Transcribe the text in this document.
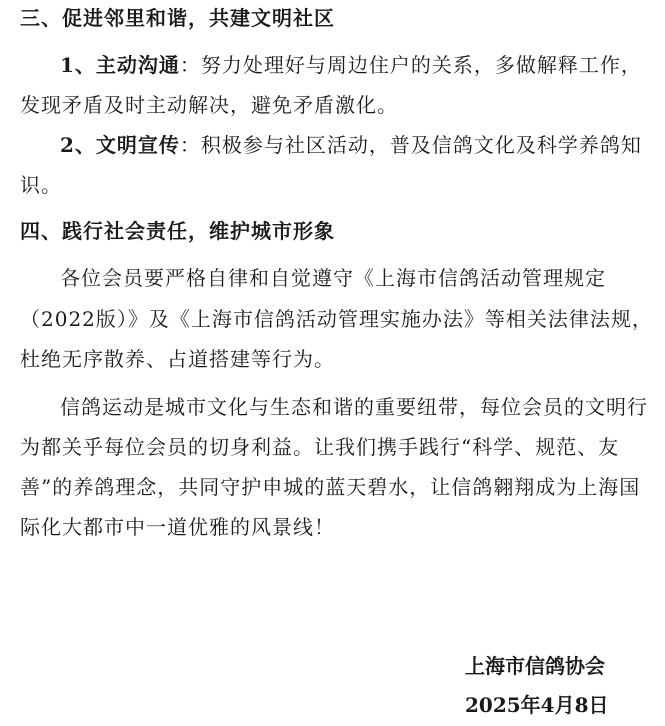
三、促进邻里和谐，共建文明社区
1、主动沟通：努力处理好与周边住户的关系，多做解释工作，
发现矛盾及时主动解决，避免矛盾激化。
2、文明宣传：积极参与社区活动，普及信鸽文化及科学养鸽知
识。
四、践行社会责任，维护城市形象
各位会员要严格自律和自觉遵守《上海市信鸽活动管理规定
（2022版）》及《上海市信鸽活动管理实施办法》等相关法律法规，
杜绝无序散养、占道搭建等行为。
信鸽运动是城市文化与生态和谐的重要纽带，每位会员的文明行
为都关乎每位会员的切身利益。让我们携手践行“科学、规范、友
善”的养鸽理念，共同守护申城的蓝天碧水，让信鸽翱翔成为上海国
际化大都市中一道优雅的风景线！
上海市信鸽协会
2025年4月8日
